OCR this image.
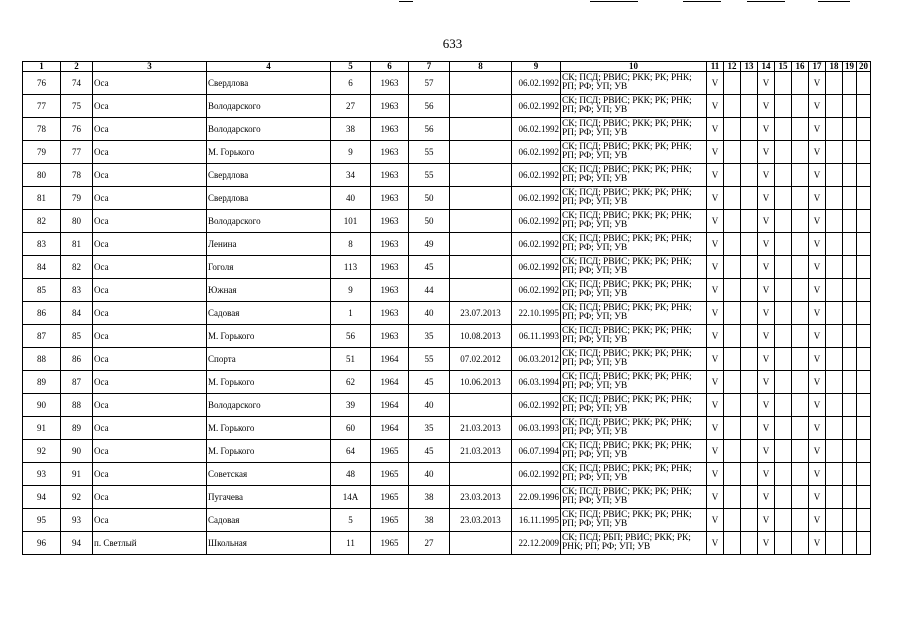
633
1	2	3	4	5	6	7	8	9	10	11	12	13	14	15	16	17	18	19	20
76	74	Оса	Свердлова	6	1963	57		06.02.1992	СК; ПСД; РВИС; РКК; РК; РНК; РП; РФ; УП; УВ	V			V			V			
77	75	Оса	Володарского	27	1963	56		06.02.1992	СК; ПСД; РВИС; РКК; РК; РНК; РП; РФ; УП; УВ	V			V			V			
78	76	Оса	Володарского	38	1963	56		06.02.1992	СК; ПСД; РВИС; РКК; РК; РНК; РП; РФ; УП; УВ	V			V			V			
79	77	Оса	М. Горького	9	1963	55		06.02.1992	СК; ПСД; РВИС; РКК; РК; РНК; РП; РФ; УП; УВ	V			V			V			
80	78	Оса	Свердлова	34	1963	55		06.02.1992	СК; ПСД; РВИС; РКК; РК; РНК; РП; РФ; УП; УВ	V			V			V			
81	79	Оса	Свердлова	40	1963	50		06.02.1992	СК; ПСД; РВИС; РКК; РК; РНК; РП; РФ; УП; УВ	V			V			V			
82	80	Оса	Володарского	101	1963	50		06.02.1992	СК; ПСД; РВИС; РКК; РК; РНК; РП; РФ; УП; УВ	V			V			V			
83	81	Оса	Ленина	8	1963	49		06.02.1992	СК; ПСД; РВИС; РКК; РК; РНК; РП; РФ; УП; УВ	V			V			V			
84	82	Оса	Гоголя	113	1963	45		06.02.1992	СК; ПСД; РВИС; РКК; РК; РНК; РП; РФ; УП; УВ	V			V			V			
85	83	Оса	Южная	9	1963	44		06.02.1992	СК; ПСД; РВИС; РКК; РК; РНК; РП; РФ; УП; УВ	V			V			V			
86	84	Оса	Садовая	1	1963	40	23.07.2013	22.10.1995	СК; ПСД; РВИС; РКК; РК; РНК; РП; РФ; УП; УВ	V			V			V			
87	85	Оса	М. Горького	56	1963	35	10.08.2013	06.11.1993	СК; ПСД; РВИС; РКК; РК; РНК; РП; РФ; УП; УВ	V			V			V			
88	86	Оса	Спорта	51	1964	55	07.02.2012	06.03.2012	СК; ПСД; РВИС; РКК; РК; РНК; РП; РФ; УП; УВ	V			V			V			
89	87	Оса	М. Горького	62	1964	45	10.06.2013	06.03.1994	СК; ПСД; РВИС; РКК; РК; РНК; РП; РФ; УП; УВ	V			V			V			
90	88	Оса	Володарского	39	1964	40		06.02.1992	СК; ПСД; РВИС; РКК; РК; РНК; РП; РФ; УП; УВ	V			V			V			
91	89	Оса	М. Горького	60	1964	35	21.03.2013	06.03.1993	СК; ПСД; РВИС; РКК; РК; РНК; РП; РФ; УП; УВ	V			V			V			
92	90	Оса	М. Горького	64	1965	45	21.03.2013	06.07.1994	СК; ПСД; РВИС; РКК; РК; РНК; РП; РФ; УП; УВ	V			V			V			
93	91	Оса	Советская	48	1965	40		06.02.1992	СК; ПСД; РВИС; РКК; РК; РНК; РП; РФ; УП; УВ	V			V			V			
94	92	Оса	Пугачева	14А	1965	38	23.03.2013	22.09.1996	СК; ПСД; РВИС; РКК; РК; РНК; РП; РФ; УП; УВ	V			V			V			
95	93	Оса	Садовая	5	1965	38	23.03.2013	16.11.1995	СК; ПСД; РВИС; РКК; РК; РНК; РП; РФ; УП; УВ	V			V			V			
96	94	п. Светлый	Школьная	11	1965	27		22.12.2009	СК; ПСД; РБП; РВИС; РКК; РК; РНК; РП; РФ; УП; УВ	V			V			V			
